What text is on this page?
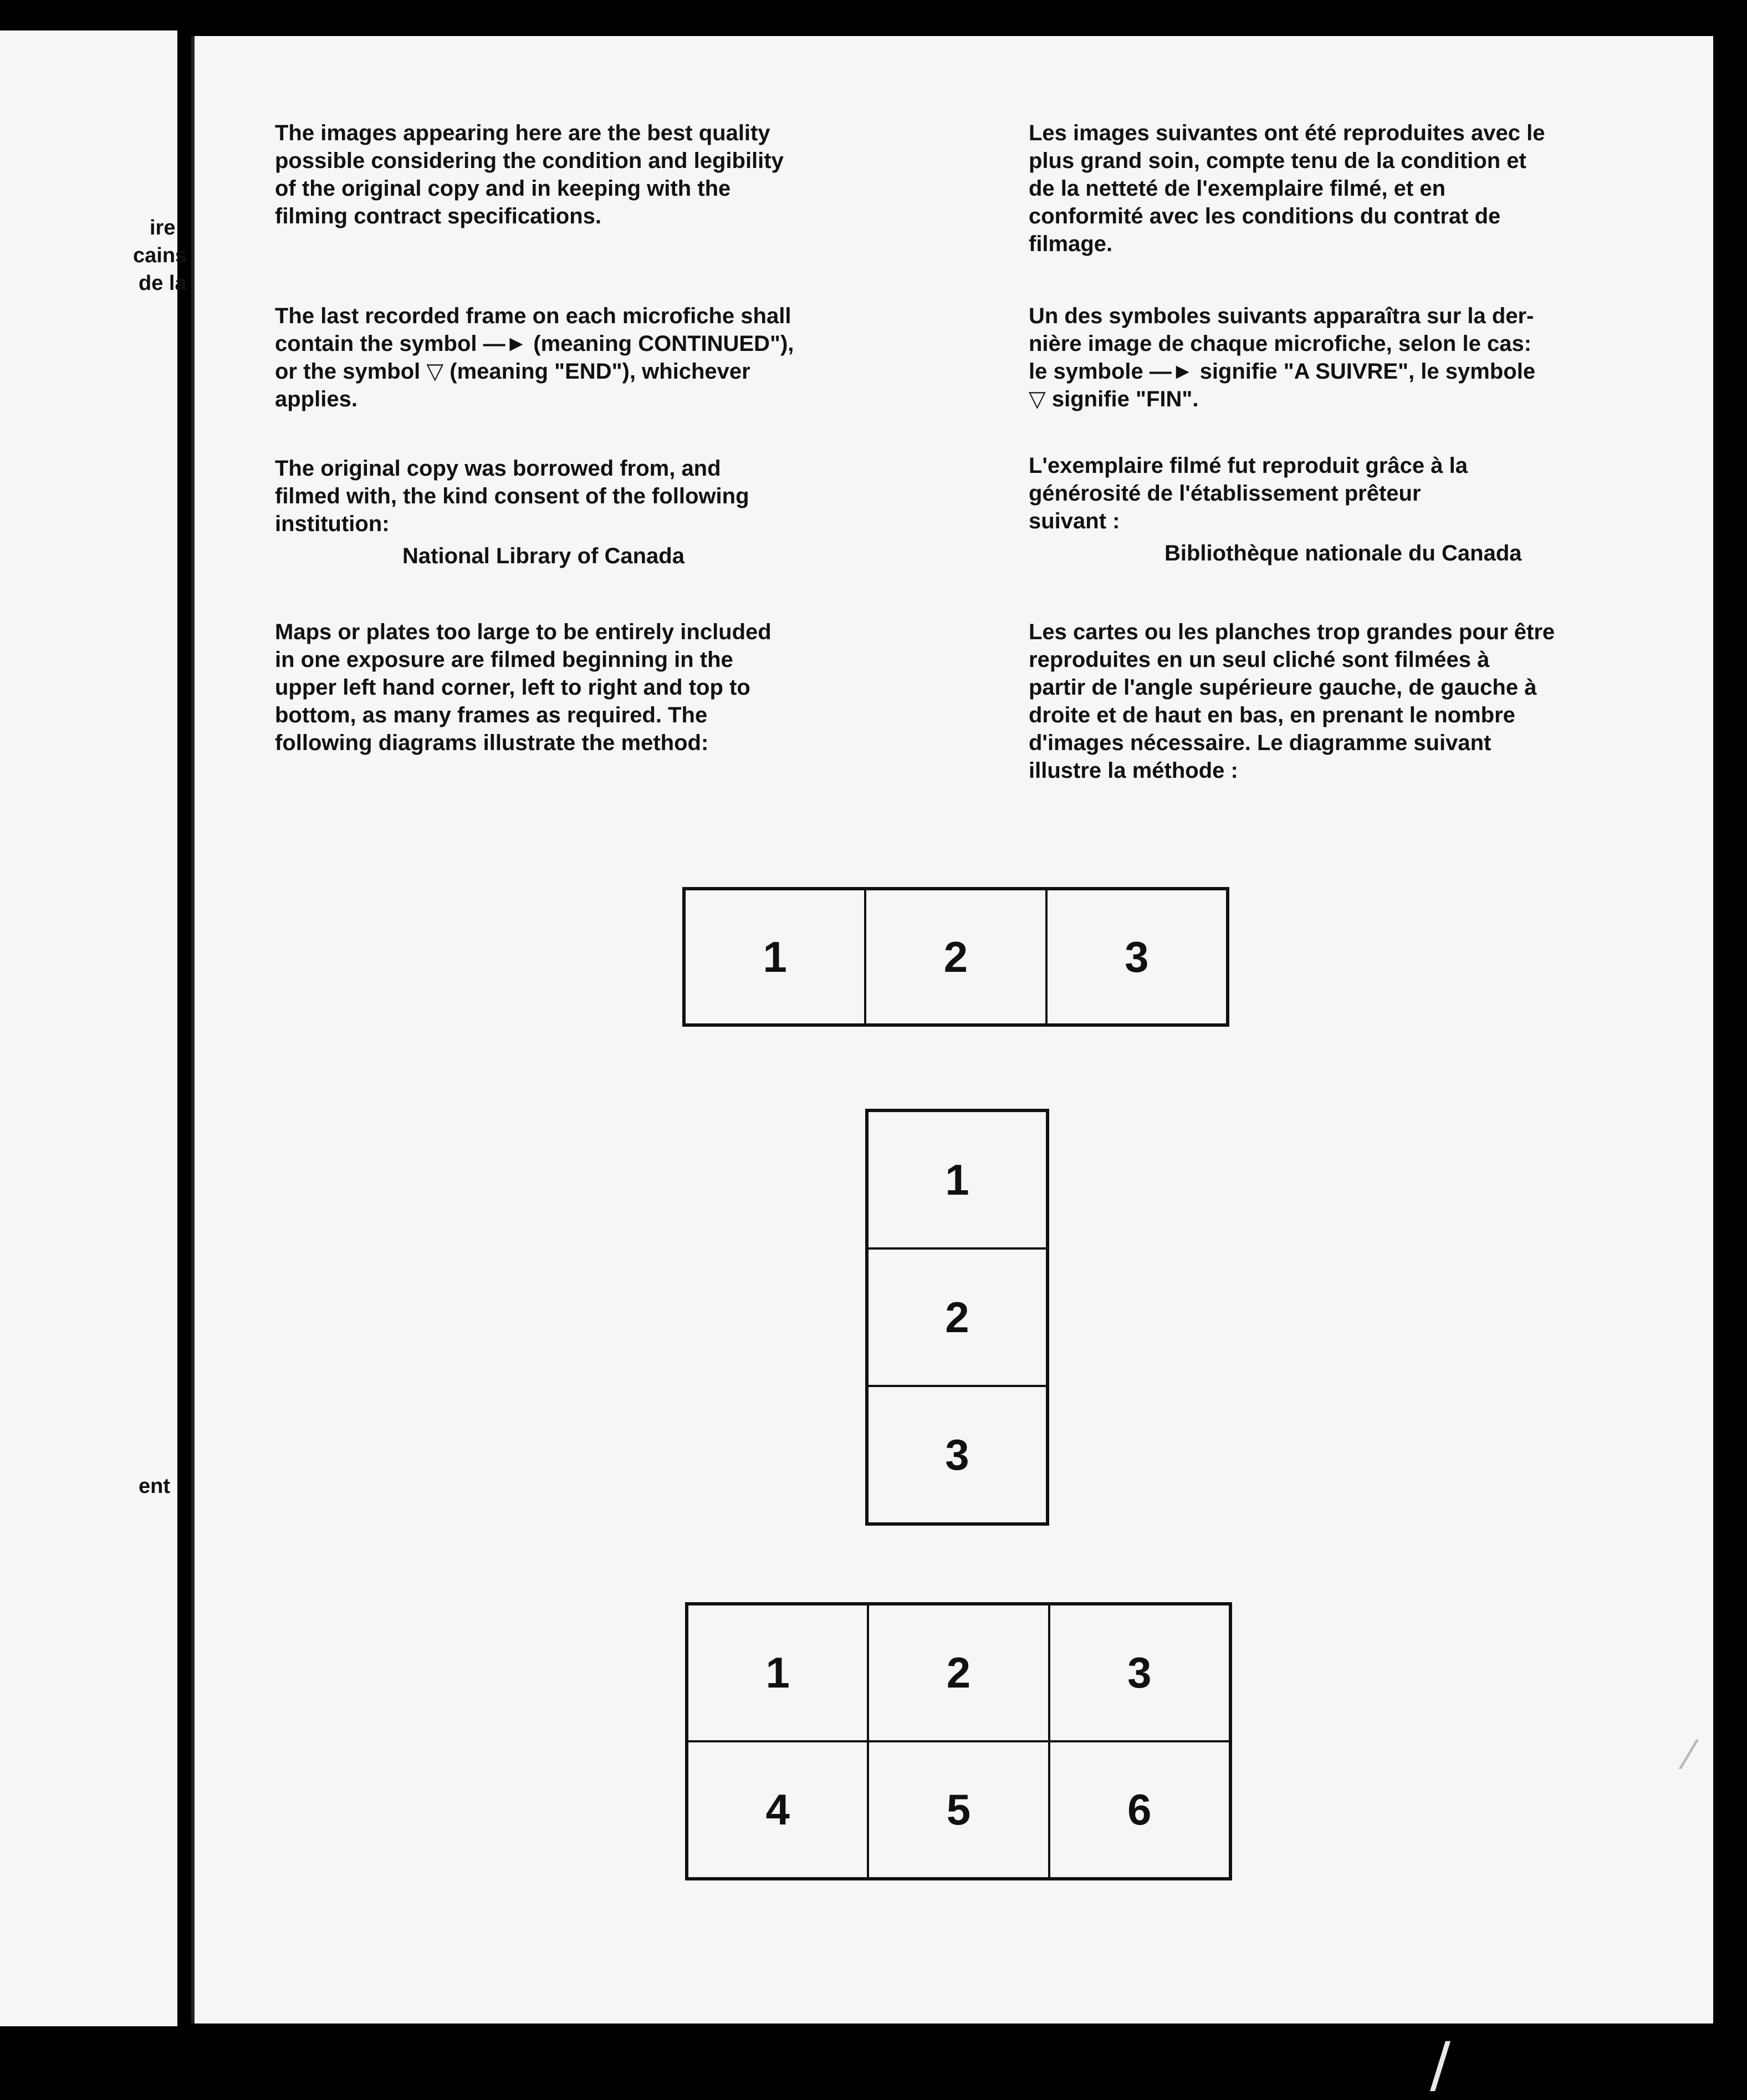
ire
cains
de la
ent

The images appearing here are the best quality
possible considering the condition and legibility
of the original copy and in keeping with the
filming contract specifications.

The last recorded frame on each microfiche shall
contain the symbol —► (meaning CONTINUED"),
or the symbol ▽ (meaning "END"), whichever
applies.

The original copy was borrowed from, and
filmed with, the kind consent of the following
institution:

National Library of Canada

Maps or plates too large to be entirely included
in one exposure are filmed beginning in the
upper left hand corner, left to right and top to
bottom, as many frames as required. The
following diagrams illustrate the method:

Les images suivantes ont été reproduites avec le
plus grand soin, compte tenu de la condition et
de la netteté de l'exemplaire filmé, et en
conformité avec les conditions du contrat de
filmage.

Un des symboles suivants apparaîtra sur la der-
nière image de chaque microfiche, selon le cas:
le symbole —► signifie "A SUIVRE", le symbole
▽ signifie "FIN".

L'exemplaire filmé fut reproduit grâce à la
générosité de l'établissement prêteur
suivant :

Bibliothèque nationale du Canada

Les cartes ou les planches trop grandes pour être
reproduites en un seul cliché sont filmées à
partir de l'angle supérieure gauche, de gauche à
droite et de haut en bas, en prenant le nombre
d'images nécessaire. Le diagramme suivant
illustre la méthode :

1	2	3
1
2
3
1	2	3
4	5	6
⁄
/
